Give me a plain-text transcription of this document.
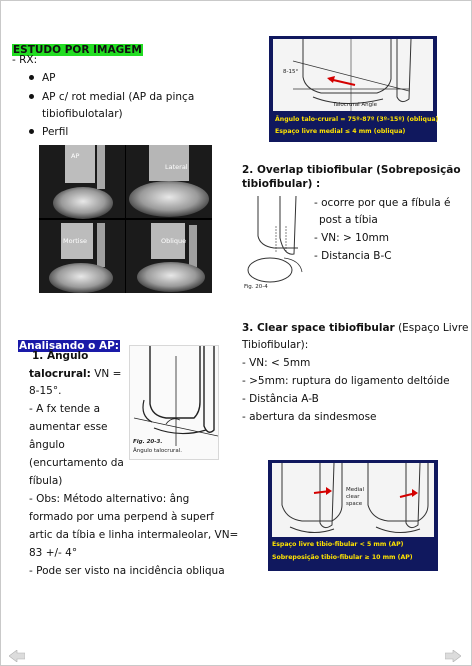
ESTUDO POR IMAGEM
- RX:
AP
AP c/ rot medial (AP da pinça
tibiofibulotalar)
Perfil
AP
Lateral
Mortise	Oblique
8-15°
Talocrural Angle
Ângulo talo-crural = 75º-87º (3º-15º) (obliqua)
Espaço livre medial ≤ 4 mm (obliqua)
2. Overlap tibiofibular (Sobreposição tibiofibular) :
- ocorre por que a fíbula é
post a tíbia
- VN: > 10mm
- Distancia B-C
Fig. 20-4
Analisando o AP:
1. Ângulo
talocrural: VN =
8-15°.
- A fx tende a
aumentar esse
ângulo
(encurtamento da
fíbula)
- Obs: Método alternativo: âng
formado por uma perpend à superf
artic da tíbia e linha intermaleolar, VN=
83 +/- 4°
- Pode ser visto na incidência obliqua
Fig. 20-3.
Ângulo talocrural.
3. Clear space tibiofibular (Espaço Livre
Tibiofibular):
- VN: < 5mm
- >5mm: ruptura do ligamento deltóide
- Distância A-B
- abertura da sindesmose
Medial clear space
Espaço livre tibio-fibular < 5 mm (AP)
Sobreposição tibio-fibular ≥ 10 mm (AP)
